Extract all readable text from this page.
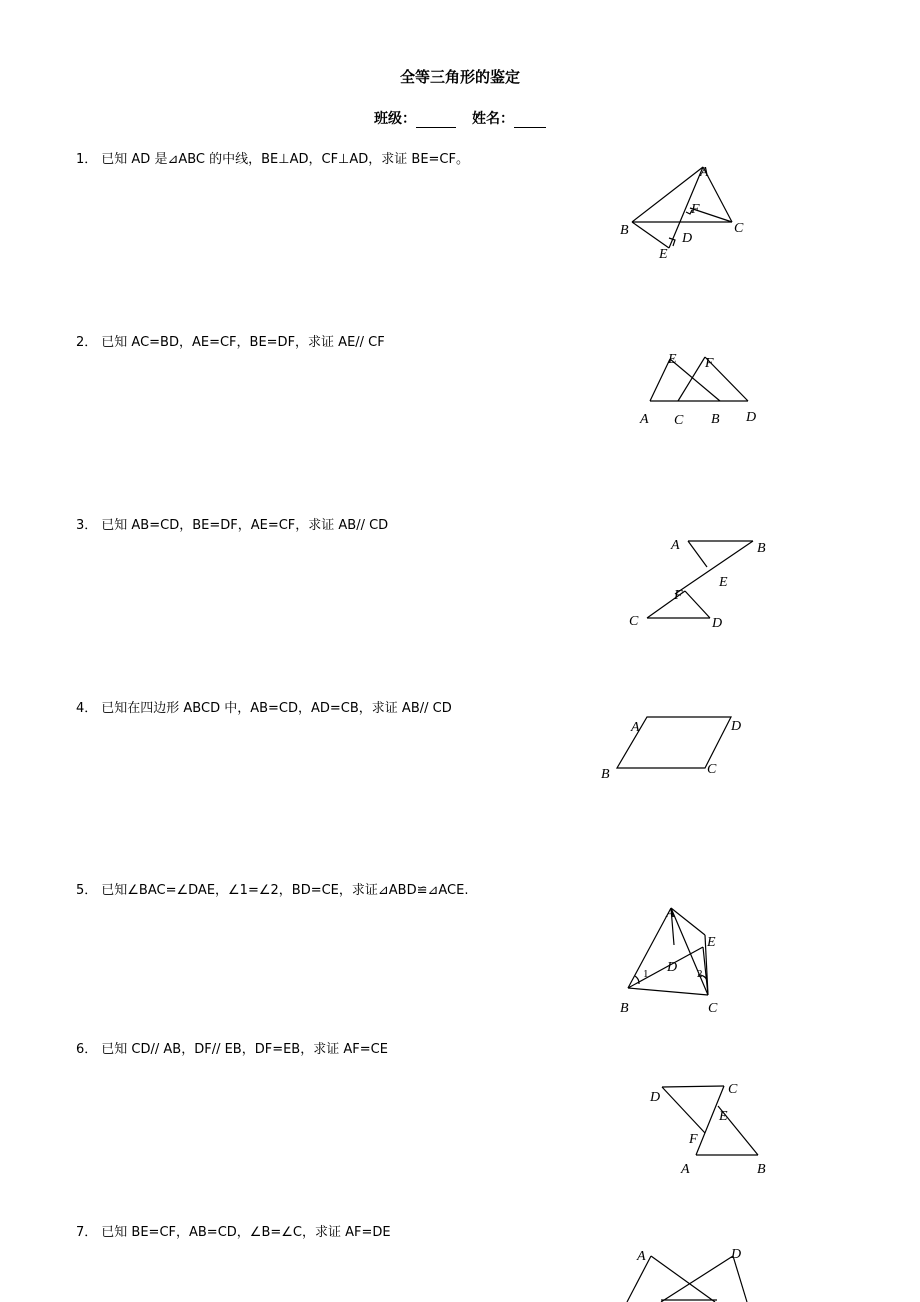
全等三角形的鉴定
班级：	姓名：
1． 已知 AD 是⊿ABC 的中线，BE⊥AD，CF⊥AD，求证 BE=CF。
A
B	C
D
E
F
2． 已知 AC=BD，AE=CF，BE=DF，求证 AE// CF
E F
A C B D
3． 已知 AB=CD，BE=DF，AE=CF，求证 AB// CD
A	B
E
F
C	D
4． 已知在四边形 ABCD 中，AB=CD，AD=CB，求证 AB// CD
A	D
B	C
5． 已知∠BAC=∠DAE，∠1=∠2，BD=CE，求证⊿ABD≌⊿ACE.
A
E
D
1	2
B	C
6． 已知 CD// AB，DF// EB，DF=EB，求证 AF=CE
D
C
E
F
A	B
7． 已知 BE=CF，AB=CD，∠B=∠C，求证 AF=DE
A	D
